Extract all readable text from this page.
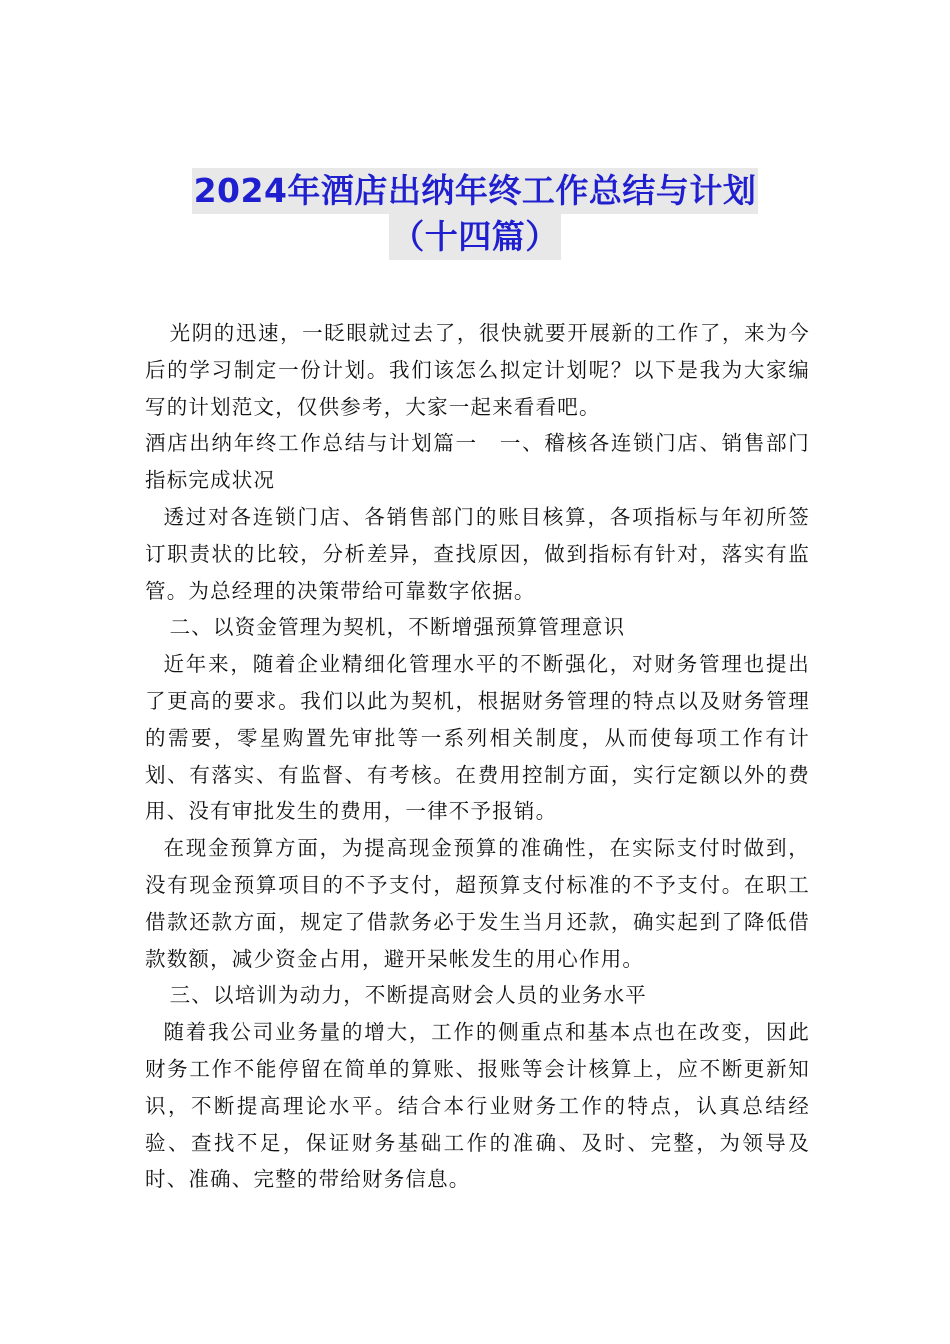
2024年酒店出纳年终工作总结与计划
（十四篇）

光阴的迅速，一眨眼就过去了，很快就要开展新的工作了，来为今后的学习制定一份计划。我们该怎么拟定计划呢？以下是我为大家编写的计划范文，仅供参考，大家一起来看看吧。

酒店出纳年终工作总结与计划篇一　一、稽核各连锁门店、销售部门指标完成状况

透过对各连锁门店、各销售部门的账目核算，各项指标与年初所签订职责状的比较，分析差异，查找原因，做到指标有针对，落实有监管。为总经理的决策带给可靠数字依据。

二、以资金管理为契机，不断增强预算管理意识

近年来，随着企业精细化管理水平的不断强化，对财务管理也提出了更高的要求。我们以此为契机，根据财务管理的特点以及财务管理的需要，零星购置先审批等一系列相关制度，从而使每项工作有计划、有落实、有监督、有考核。在费用控制方面，实行定额以外的费用、没有审批发生的费用，一律不予报销。

在现金预算方面，为提高现金预算的准确性，在实际支付时做到，没有现金预算项目的不予支付，超预算支付标准的不予支付。在职工借款还款方面，规定了借款务必于发生当月还款，确实起到了降低借款数额，减少资金占用，避开呆帐发生的用心作用。

三、以培训为动力，不断提高财会人员的业务水平

随着我公司业务量的增大，工作的侧重点和基本点也在改变，因此财务工作不能停留在简单的算账、报账等会计核算上，应不断更新知识，不断提高理论水平。结合本行业财务工作的特点，认真总结经验、查找不足，保证财务基础工作的准确、及时、完整，为领导及时、准确、完整的带给财务信息。
